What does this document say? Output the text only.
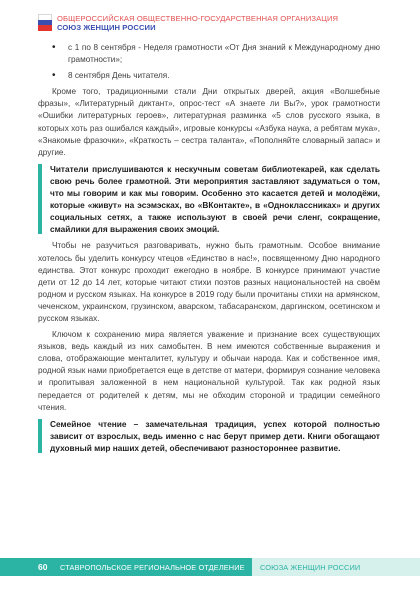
ОБЩЕРОССИЙСКАЯ ОБЩЕСТВЕННО-ГОСУДАРСТВЕННАЯ ОРГАНИЗАЦИЯ
СОЮЗ ЖЕНЩИН РОССИИ
• с 1 по 8 сентября - Неделя грамотности «От Дня знаний к Международному дню грамотности»;
• 8 сентября День читателя.

Кроме того, традиционными стали Дни открытых дверей, акция «Волшебные фразы», «Литературный диктант», опрос-тест «А знаете ли Вы?», урок грамотности «Ошибки литературных героев», литературная разминка «5 слов русского языка, в которых хоть раз ошибался каждый», игровые конкурсы «Азбука наука, а ребятам мука», «Знакомые фразочки», «Краткость – сестра таланта», «Пополняйте словарный запас» и другие.

Читатели прислушиваются к нескучным советам библиотекарей, как сделать свою речь более грамотной. Эти мероприятия заставляют задуматься о том, что мы говорим и как мы говорим. Особенно это касается детей и молодёжи, которые «живут» на эсэмэсках, во «ВКонтакте», в «Одноклассниках» и других социальных сетях, а также используют в своей речи сленг, сокращение, смайлики для выражения своих эмоций.

Чтобы не разучиться разговаривать, нужно быть грамотным. Особое внимание хотелось бы уделить конкурсу чтецов «Единство в нас!», посвященному Дню народного единства. Этот конкурс проходит ежегодно в ноябре. В конкурсе принимают участие дети от 12 до 14 лет, которые читают стихи поэтов разных национальностей на своём родном и русском языках. На конкурсе в 2019 году были прочитаны стихи на армянском, чеченском, украинском, грузинском, аварском, табасаранском, даргинском, осетинском и русском языках.

Ключом к сохранению мира является уважение и признание всех существующих языков, ведь каждый из них самобытен. В нем имеются собственные выражения и слова, отображающие менталитет, культуру и обычаи народа. Как и собственное имя, родной язык нами приобретается еще в детстве от матери, формируя сознание человека и пропитывая заложенной в нем национальной культурой. Так как родной язык передается от родителей к детям, мы не обходим стороной и традиции семейного чтения.

Семейное чтение – замечательная традиция, успех которой полностью зависит от взрослых, ведь именно с нас берут пример дети. Книги обогащают духовный мир наших детей, обеспечивают разностороннее развитие.
60 СТАВРОПОЛЬСКОЕ РЕГИОНАЛЬНОЕ ОТДЕЛЕНИЕ СОЮЗА ЖЕНЩИН РОССИИ
